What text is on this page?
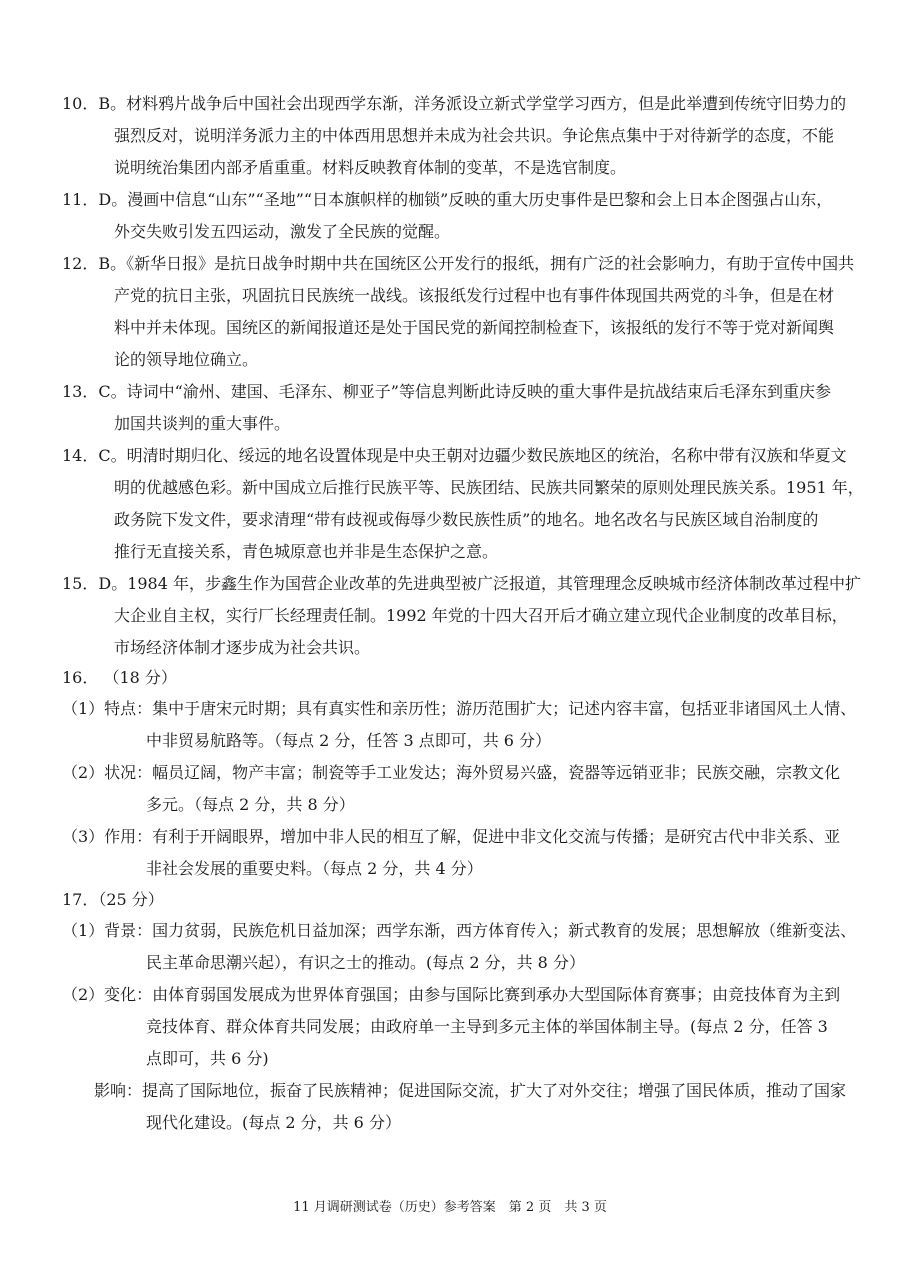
10．B。材料鸦片战争后中国社会出现西学东渐，洋务派设立新式学堂学习西方，但是此举遭到传统守旧势力的
强烈反对，说明洋务派力主的中体西用思想并未成为社会共识。争论焦点集中于对待新学的态度，不能
说明统治集团内部矛盾重重。材料反映教育体制的变革，不是选官制度。
11．D。漫画中信息“山东”“圣地”“日本旗帜样的枷锁”反映的重大历史事件是巴黎和会上日本企图强占山东，
外交失败引发五四运动，激发了全民族的觉醒。
12．B。《新华日报》是抗日战争时期中共在国统区公开发行的报纸，拥有广泛的社会影响力，有助于宣传中国共
产党的抗日主张，巩固抗日民族统一战线。该报纸发行过程中也有事件体现国共两党的斗争，但是在材
料中并未体现。国统区的新闻报道还是处于国民党的新闻控制检查下，该报纸的发行不等于党对新闻舆
论的领导地位确立。
13．C。诗词中“渝州、建国、毛泽东、柳亚子”等信息判断此诗反映的重大事件是抗战结束后毛泽东到重庆参
加国共谈判的重大事件。
14．C。明清时期归化、绥远的地名设置体现是中央王朝对边疆少数民族地区的统治，名称中带有汉族和华夏文
明的优越感色彩。新中国成立后推行民族平等、民族团结、民族共同繁荣的原则处理民族关系。1951 年，
政务院下发文件，要求清理“带有歧视或侮辱少数民族性质”的地名。地名改名与民族区域自治制度的
推行无直接关系，青色城原意也并非是生态保护之意。
15．D。1984 年，步鑫生作为国营企业改革的先进典型被广泛报道，其管理理念反映城市经济体制改革过程中扩
大企业自主权，实行厂长经理责任制。1992 年党的十四大召开后才确立建立现代企业制度的改革目标，
市场经济体制才逐步成为社会共识。
16． （18 分）
（1）特点：集中于唐宋元时期；具有真实性和亲历性；游历范围扩大；记述内容丰富，包括亚非诸国风土人情、
中非贸易航路等。（每点 2 分，任答 3 点即可，共 6 分）
（2）状况：幅员辽阔，物产丰富；制瓷等手工业发达；海外贸易兴盛，瓷器等远销亚非；民族交融，宗教文化
多元。（每点 2 分，共 8 分）
（3）作用：有利于开阔眼界，增加中非人民的相互了解，促进中非文化交流与传播；是研究古代中非关系、亚
非社会发展的重要史料。（每点 2 分，共 4 分）
17．（25 分）
（1）背景：国力贫弱，民族危机日益加深；西学东渐，西方体育传入；新式教育的发展；思想解放（维新变法、
民主革命思潮兴起），有识之士的推动。(每点 2 分，共 8 分）
（2）变化：由体育弱国发展成为世界体育强国；由参与国际比赛到承办大型国际体育赛事；由竞技体育为主到
竞技体育、群众体育共同发展；由政府单一主导到多元主体的举国体制主导。(每点 2 分，任答 3
点即可，共 6 分)
影响：提高了国际地位，振奋了民族精神；促进国际交流，扩大了对外交往；增强了国民体质，推动了国家
现代化建设。(每点 2 分，共 6 分）
11 月调研测试卷（历史）参考答案　第 2 页　共 3 页
